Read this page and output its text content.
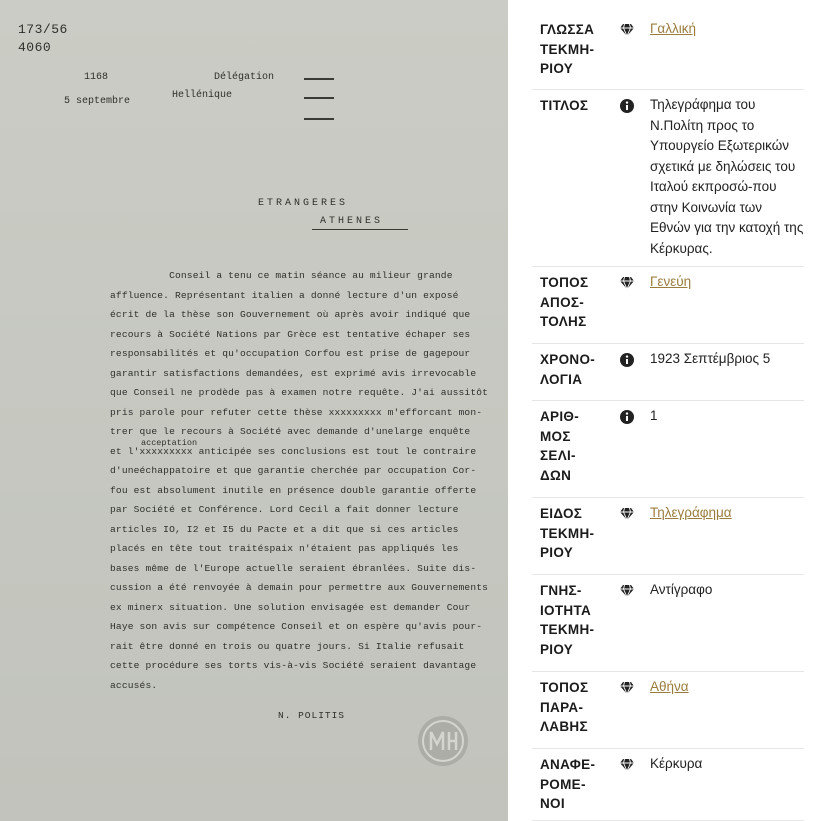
173/56
4060
1168
5 septembre
Délégation
Hellénique
ETRANGERES
ATHENES
acceptation
Conseil a tenu ce matin séance au milieur grande
affluence. Représentant italien a donné lecture d'un exposé
écrit de la thèse son Gouvernement où après avoir indiqué que
recours à Société Nations par Grèce est tentative échaper ses
responsabilités et qu'occupation Corfou est prise de gagepour
garantir satisfactions demandées, est exprimé avis irrevocable
que Conseil ne prodède pas à examen notre requête. J'ai aussitôt
pris parole pour refuter cette thèse xxxxxxxxx m'efforcant mon-
trer que le recours à Société avec demande d'unelarge enquête
et l'xxxxxxxxx anticipée ses conclusions est tout le contraire
d'uneéchappatoire et que garantie cherchée par occupation Cor-
fou est absolument inutile en présence double garantie offerte
par Société et Conférence. Lord Cecil a fait donner lecture
articles IO, I2 et I5 du Pacte et a dit que si ces articles
placés en tête tout traitéspaix n'étaient pas appliqués les
bases même de l'Europe actuelle seraient ébranlées. Suite dis-
cussion a été renvoyée à demain pour permettre aux Gouvernements
ex minerx situation. Une solution envisagée est demander Cour
Haye son avis sur compétence Conseil et on espère qu'avis pour-
rait être donné en trois ou quatre jours. Si Italie refusait
cette procédure ses torts vis-à-vis Société seraient davantage
accusés.
N. POLITIS
ΓΛΩΣΣΑ
ΤΕΚΜΗ-
ΡΙΟΥ
Γαλλική
ΤΙΤΛΟΣ	Τηλεγράφημα του Ν.Πολίτη προς το Υπουργείο Εξωτερικών σχετικά με δηλώσεις του Ιταλού εκπροσώ-που στην Κοινωνία των Εθνών για την κατοχή της Κέρκυρας.
ΤΟΠΟΣ
ΑΠΟΣ-
ΤΟΛΗΣ
Γενεύη
ΧΡΟΝΟ-
ΛΟΓΙΑ
1923 Σεπτέμβριος 5
ΑΡΙΘ-
ΜΟΣ
ΣΕΛΙ-
ΔΩΝ
1
ΕΙΔΟΣ
ΤΕΚΜΗ-
ΡΙΟΥ
Τηλεγράφημα
ΓΝΗΣ-
ΙΟΤΗΤΑ
ΤΕΚΜΗ-
ΡΙΟΥ
Αντίγραφο
ΤΟΠΟΣ
ΠΑΡΑ-
ΛΑΒΗΣ
Αθήνα
ΑΝΑΦΕ-
ΡΟΜΕ-
ΝΟΙ
Κέρκυρα
